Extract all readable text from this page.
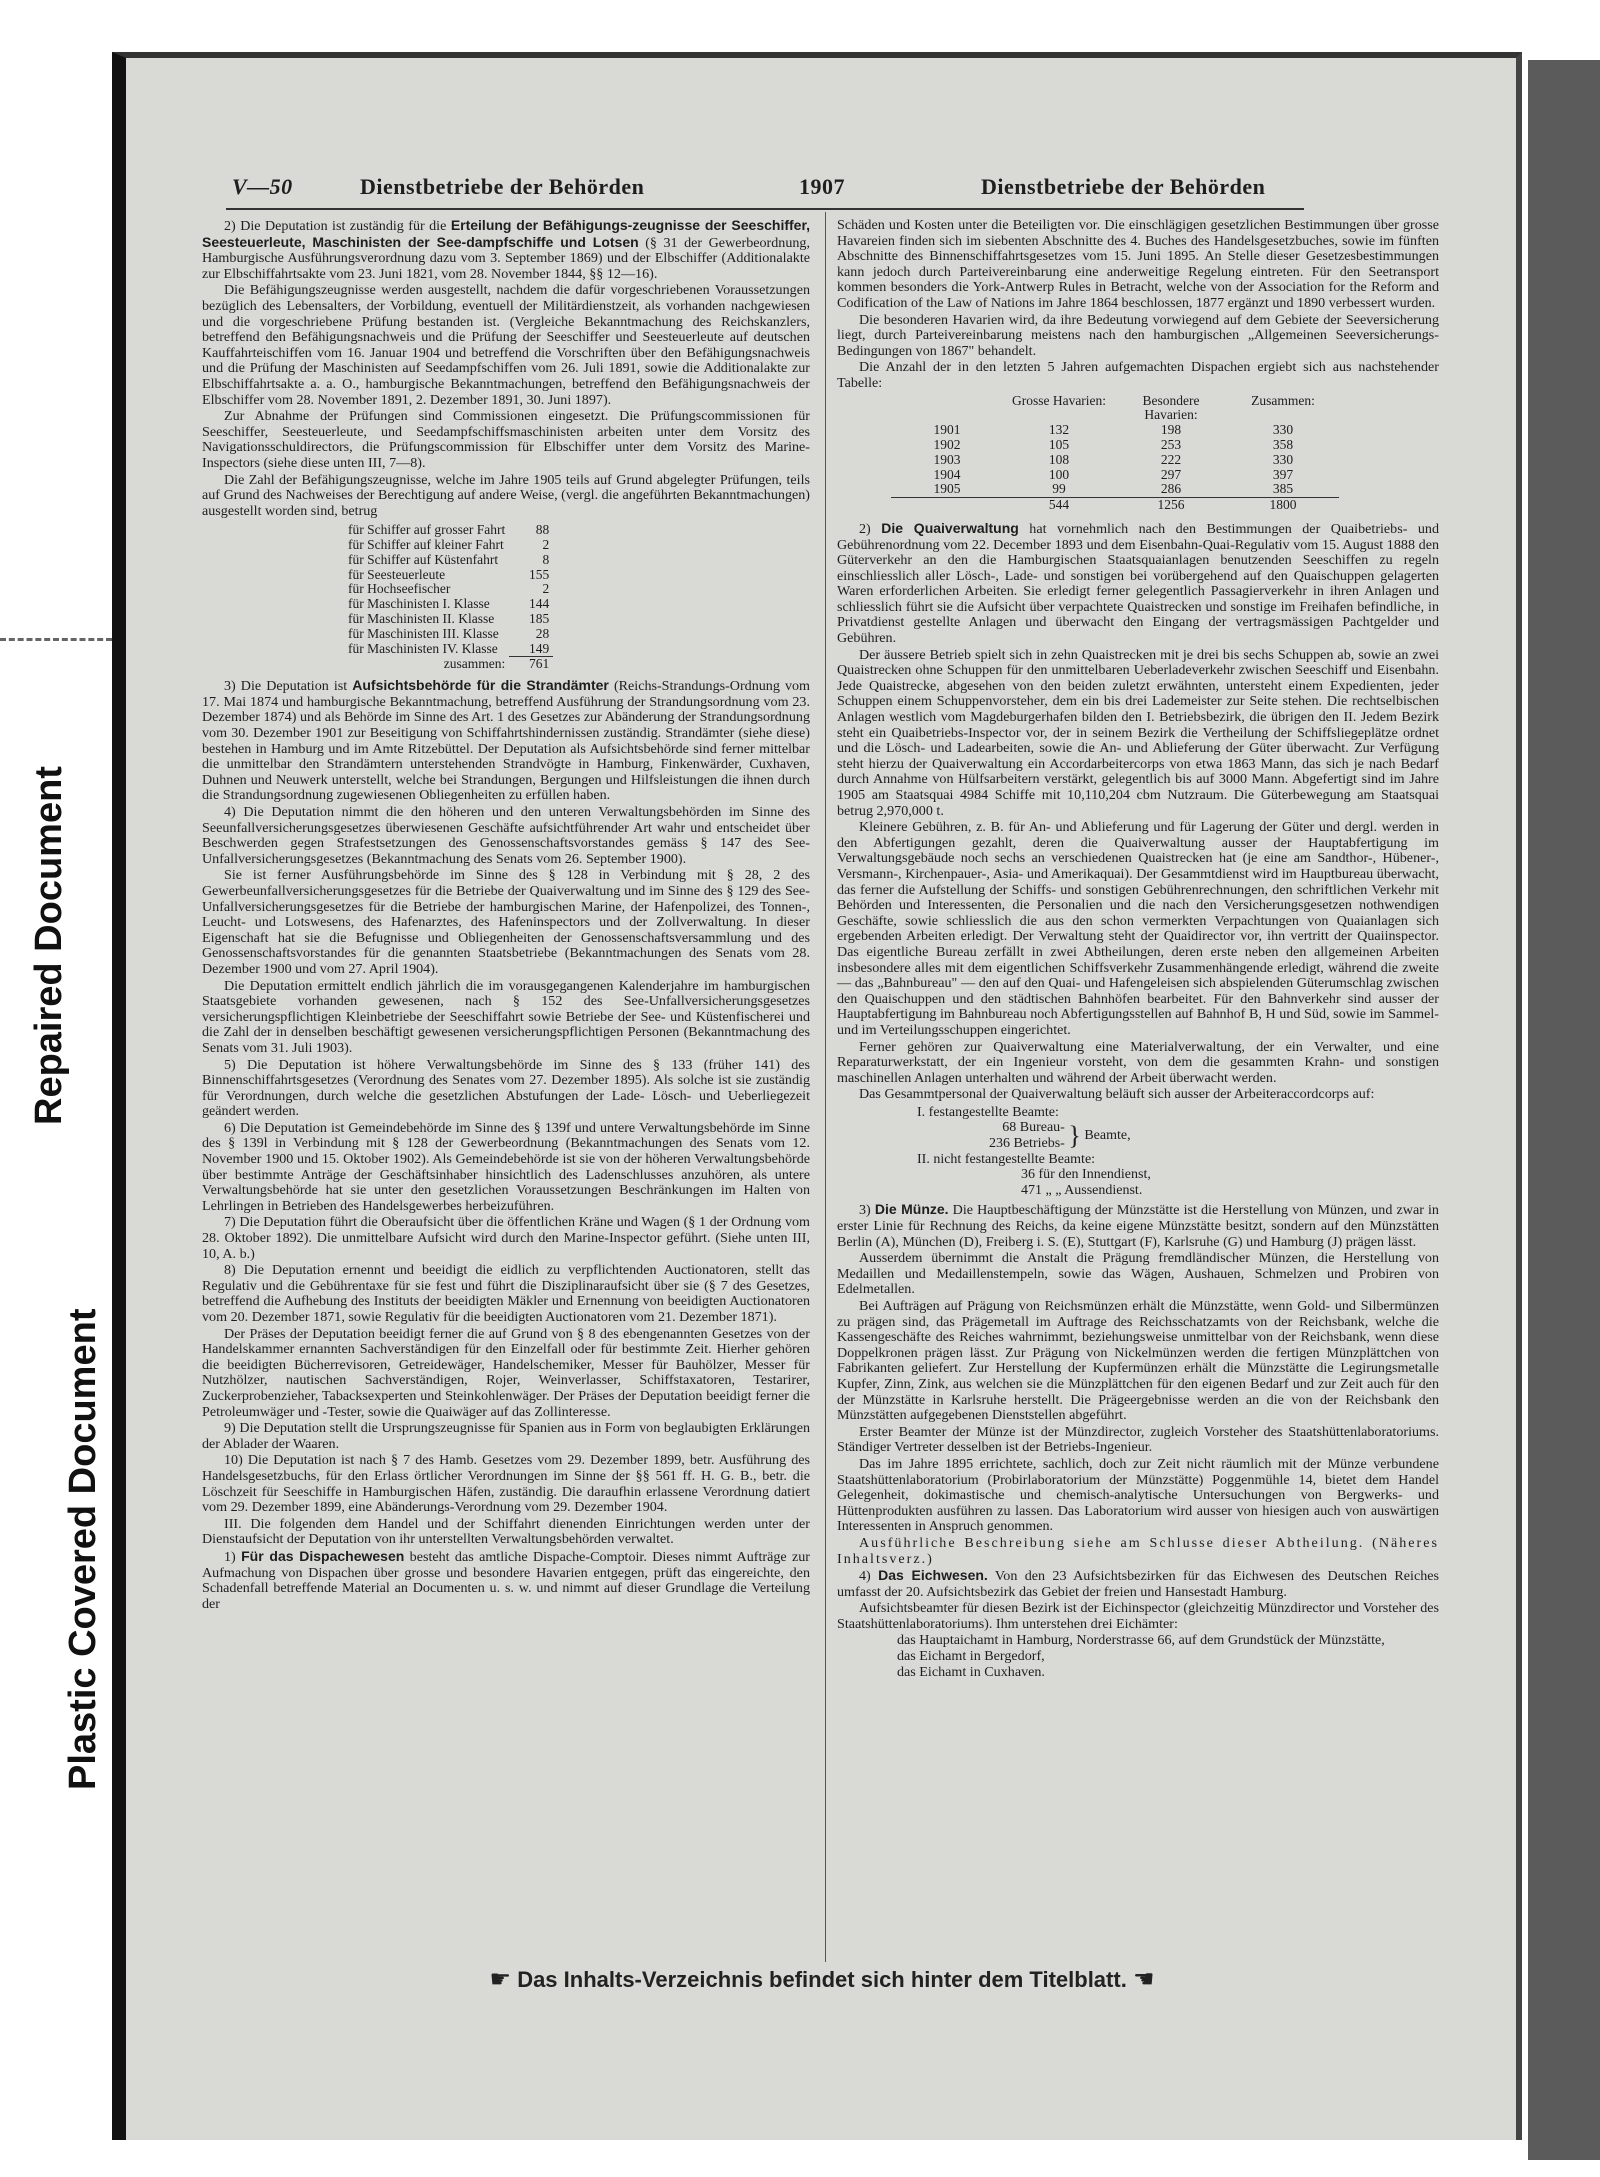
Repaired Document
Plastic Covered Document
V—50	Dienstbetriebe der Behörden	1907	Dienstbetriebe der Behörden

2) Die Deputation ist zuständig für die Erteilung der Befähigungs-zeugnisse der Seeschiffer, Seesteuerleute, Maschinisten der See-dampfschiffe und Lotsen (§ 31 der Gewerbeordnung, Hamburgische Ausführungsverordnung dazu vom 3. September 1869) und der Elbschiffer (Additionalakte zur Elbschiffahrtsakte vom 23. Juni 1821, vom 28. November 1844, §§ 12—16).

Die Befähigungszeugnisse werden ausgestellt, nachdem die dafür vorgeschriebenen Voraussetzungen bezüglich des Lebensalters, der Vorbildung, eventuell der Militärdienstzeit, als vorhanden nachgewiesen und die vorgeschriebene Prüfung bestanden ist. (Vergleiche Bekanntmachung des Reichskanzlers, betreffend den Befähigungsnachweis und die Prüfung der Seeschiffer und Seesteuerleute auf deutschen Kauffahrteischiffen vom 16. Januar 1904 und betreffend die Vorschriften über den Befähigungsnachweis und die Prüfung der Maschinisten auf Seedampfschiffen vom 26. Juli 1891, sowie die Additionalakte zur Elbschiffahrtsakte a. a. O., hamburgische Bekanntmachungen, betreffend den Befähigungsnachweis der Elbschiffer vom 28. November 1891, 2. Dezember 1891, 30. Juni 1897).

Zur Abnahme der Prüfungen sind Commissionen eingesetzt. Die Prüfungscommissionen für Seeschiffer, Seesteuerleute, und Seedampfschiffsmaschinisten arbeiten unter dem Vorsitz des Navigationsschuldirectors, die Prüfungscommission für Elbschiffer unter dem Vorsitz des Marine-Inspectors (siehe diese unten III, 7—8).

Die Zahl der Befähigungszeugnisse, welche im Jahre 1905 teils auf Grund abgelegter Prüfungen, teils auf Grund des Nachweises der Berechtigung auf andere Weise, (vergl. die angeführten Bekanntmachungen) ausgestellt worden sind, betrug

für Schiffer auf grosser Fahrt	88
für Schiffer auf kleiner Fahrt	2
für Schiffer auf Küstenfahrt	8
für Seesteuerleute	155
für Hochseefischer	2
für Maschinisten I. Klasse	144
für Maschinisten II. Klasse	185
für Maschinisten III. Klasse	28
für Maschinisten IV. Klasse	149
zusammen:	761

3) Die Deputation ist Aufsichtsbehörde für die Strandämter (Reichs-Strandungs-Ordnung vom 17. Mai 1874 und hamburgische Bekanntmachung, betreffend Ausführung der Strandungsordnung vom 23. Dezember 1874) und als Behörde im Sinne des Art. 1 des Gesetzes zur Abänderung der Strandungsordnung vom 30. Dezember 1901 zur Beseitigung von Schiffahrtshindernissen zuständig. Strandämter (siehe diese) bestehen in Hamburg und im Amte Ritzebüttel. Der Deputation als Aufsichtsbehörde sind ferner mittelbar die unmittelbar den Strandämtern unterstehenden Strandvögte in Hamburg, Finkenwärder, Cuxhaven, Duhnen und Neuwerk unterstellt, welche bei Strandungen, Bergungen und Hilfsleistungen die ihnen durch die Strandungsordnung zugewiesenen Obliegenheiten zu erfüllen haben.

4) Die Deputation nimmt die den höheren und den unteren Verwaltungsbehörden im Sinne des Seeunfallversicherungsgesetzes überwiesenen Geschäfte aufsichtführender Art wahr und entscheidet über Beschwerden gegen Strafestsetzungen des Genossenschaftsvorstandes gemäss § 147 des See-Unfallversicherungsgesetzes (Bekanntmachung des Senats vom 26. September 1900).

Sie ist ferner Ausführungsbehörde im Sinne des § 128 in Verbindung mit § 28, 2 des Gewerbeunfallversicherungsgesetzes für die Betriebe der Quaiverwaltung und im Sinne des § 129 des See-Unfallversicherungsgesetzes für die Betriebe der hamburgischen Marine, der Hafenpolizei, des Tonnen-, Leucht- und Lotswesens, des Hafenarztes, des Hafeninspectors und der Zollverwaltung. In dieser Eigenschaft hat sie die Befugnisse und Obliegenheiten der Genossenschaftsversammlung und des Genossenschaftsvorstandes für die genannten Staatsbetriebe (Bekanntmachungen des Senats vom 28. Dezember 1900 und vom 27. April 1904).

Die Deputation ermittelt endlich jährlich die im vorausgegangenen Kalenderjahre im hamburgischen Staatsgebiete vorhanden gewesenen, nach § 152 des See-Unfallversicherungsgesetzes versicherungspflichtigen Kleinbetriebe der Seeschiffahrt sowie Betriebe der See- und Küstenfischerei und die Zahl der in denselben beschäftigt gewesenen versicherungspflichtigen Personen (Bekanntmachung des Senats vom 31. Juli 1903).

5) Die Deputation ist höhere Verwaltungsbehörde im Sinne des § 133 (früher 141) des Binnenschiffahrtsgesetzes (Verordnung des Senates vom 27. Dezember 1895). Als solche ist sie zuständig für Verordnungen, durch welche die gesetzlichen Abstufungen der Lade- Lösch- und Ueberliegezeit geändert werden.

6) Die Deputation ist Gemeindebehörde im Sinne des § 139f und untere Verwaltungsbehörde im Sinne des § 139l in Verbindung mit § 128 der Gewerbeordnung (Bekanntmachungen des Senats vom 12. November 1900 und 15. Oktober 1902). Als Gemeindebehörde ist sie von der höheren Verwaltungsbehörde über bestimmte Anträge der Geschäftsinhaber hinsichtlich des Ladenschlusses anzuhören, als untere Verwaltungsbehörde hat sie unter den gesetzlichen Voraussetzungen Beschränkungen im Halten von Lehrlingen in Betrieben des Handelsgewerbes herbeizuführen.

7) Die Deputation führt die Oberaufsicht über die öffentlichen Kräne und Wagen (§ 1 der Ordnung vom 28. Oktober 1892). Die unmittelbare Aufsicht wird durch den Marine-Inspector geführt. (Siehe unten III, 10, A. b.)

8) Die Deputation ernennt und beeidigt die eidlich zu verpflichtenden Auctionatoren, stellt das Regulativ und die Gebührentaxe für sie fest und führt die Disziplinaraufsicht über sie (§ 7 des Gesetzes, betreffend die Aufhebung des Instituts der beeidigten Mäkler und Ernennung von beeidigten Auctionatoren vom 20. Dezember 1871, sowie Regulativ für die beeidigten Auctionatoren vom 21. Dezember 1871).

Der Präses der Deputation beeidigt ferner die auf Grund von § 8 des ebengenannten Gesetzes von der Handelskammer ernannten Sachverständigen für den Einzelfall oder für bestimmte Zeit. Hierher gehören die beeidigten Bücherrevisoren, Getreidewäger, Handelschemiker, Messer für Bauhölzer, Messer für Nutzhölzer, nautischen Sachverständigen, Rojer, Weinverlasser, Schiffstaxatoren, Testarirer, Zuckerprobenzieher, Tabacksexperten und Steinkohlenwäger. Der Präses der Deputation beeidigt ferner die Petroleumwäger und -Tester, sowie die Quaiwäger auf das Zollinteresse.

9) Die Deputation stellt die Ursprungszeugnisse für Spanien aus in Form von beglaubigten Erklärungen der Ablader der Waaren.

10) Die Deputation ist nach § 7 des Hamb. Gesetzes vom 29. Dezember 1899, betr. Ausführung des Handelsgesetzbuchs, für den Erlass örtlicher Verordnungen im Sinne der §§ 561 ff. H. G. B., betr. die Löschzeit für Seeschiffe in Hamburgischen Häfen, zuständig. Die daraufhin erlassene Verordnung datiert vom 29. Dezember 1899, eine Abänderungs-Verordnung vom 29. Dezember 1904.

III. Die folgenden dem Handel und der Schiffahrt dienenden Einrichtungen werden unter der Dienstaufsicht der Deputation von ihr unterstellten Verwaltungsbehörden verwaltet.

1) Für das Dispachewesen besteht das amtliche Dispache-Comptoir. Dieses nimmt Aufträge zur Aufmachung von Dispachen über grosse und besondere Havarien entgegen, prüft das eingereichte, den Schadenfall betreffende Material an Documenten u. s. w. und nimmt auf dieser Grundlage die Verteilung der

Schäden und Kosten unter die Beteiligten vor. Die einschlägigen gesetzlichen Bestimmungen über grosse Havareien finden sich im siebenten Abschnitte des 4. Buches des Handelsgesetzbuches, sowie im fünften Abschnitte des Binnenschiffahrtsgesetzes vom 15. Juni 1895. An Stelle dieser Gesetzesbestimmungen kann jedoch durch Parteivereinbarung eine anderweitige Regelung eintreten. Für den Seetransport kommen besonders die York-Antwerp Rules in Betracht, welche von der Association for the Reform and Codification of the Law of Nations im Jahre 1864 beschlossen, 1877 ergänzt und 1890 verbessert wurden.

Die besonderen Havarien wird, da ihre Bedeutung vorwiegend auf dem Gebiete der Seeversicherung liegt, durch Parteivereinbarung meistens nach den hamburgischen „Allgemeinen Seeversicherungs-Bedingungen von 1867" behandelt.

Die Anzahl der in den letzten 5 Jahren aufgemachten Dispachen ergiebt sich aus nachstehender Tabelle:

	Grosse Havarien:	Besondere Havarien:	Zusammen:
1901	132	198	330
1902	105	253	358
1903	108	222	330
1904	100	297	397
1905	99	286	385
	544	1256	1800

2) Die Quaiverwaltung hat vornehmlich nach den Bestimmungen der Quaibetriebs- und Gebührenordnung vom 22. December 1893 und dem Eisenbahn-Quai-Regulativ vom 15. August 1888 den Güterverkehr an den die Hamburgischen Staatsquaianlagen benutzenden Seeschiffen zu regeln einschliesslich aller Lösch-, Lade- und sonstigen bei vorübergehend auf den Quaischuppen gelagerten Waren erforderlichen Arbeiten. Sie erledigt ferner gelegentlich Passagierverkehr in ihren Anlagen und schliesslich führt sie die Aufsicht über verpachtete Quaistrecken und sonstige im Freihafen befindliche, in Privatdienst gestellte Anlagen und überwacht den Eingang der vertragsmässigen Pachtgelder und Gebühren.

Der äussere Betrieb spielt sich in zehn Quaistrecken mit je drei bis sechs Schuppen ab, sowie an zwei Quaistrecken ohne Schuppen für den unmittelbaren Ueberladeverkehr zwischen Seeschiff und Eisenbahn. Jede Quaistrecke, abgesehen von den beiden zuletzt erwähnten, untersteht einem Expedienten, jeder Schuppen einem Schuppenvorsteher, dem ein bis drei Lademeister zur Seite stehen. Die rechtselbischen Anlagen westlich vom Magdeburgerhafen bilden den I. Betriebsbezirk, die übrigen den II. Jedem Bezirk steht ein Quaibetriebs-Inspector vor, der in seinem Bezirk die Vertheilung der Schiffsliegeplätze ordnet und die Lösch- und Ladearbeiten, sowie die An- und Ablieferung der Güter überwacht. Zur Verfügung steht hierzu der Quaiverwaltung ein Accordarbeitercorps von etwa 1863 Mann, das sich je nach Bedarf durch Annahme von Hülfsarbeitern verstärkt, gelegentlich bis auf 3000 Mann. Abgefertigt sind im Jahre 1905 am Staatsquai 4984 Schiffe mit 10,110,204 cbm Nutzraum. Die Güterbewegung am Staatsquai betrug 2,970,000 t.

Kleinere Gebühren, z. B. für An- und Ablieferung und für Lagerung der Güter und dergl. werden in den Abfertigungen gezahlt, deren die Quaiverwaltung ausser der Hauptabfertigung im Verwaltungsgebäude noch sechs an verschiedenen Quaistrecken hat (je eine am Sandthor-, Hübener-, Versmann-, Kirchenpauer-, Asia- und Amerikaquai). Der Gesammtdienst wird im Hauptbureau überwacht, das ferner die Aufstellung der Schiffs- und sonstigen Gebührenrechnungen, den schriftlichen Verkehr mit Behörden und Interessenten, die Personalien und die nach den Versicherungsgesetzen nothwendigen Geschäfte, sowie schliesslich die aus den schon vermerkten Verpachtungen von Quaianlagen sich ergebenden Arbeiten erledigt. Der Verwaltung steht der Quaidirector vor, ihn vertritt der Quaiinspector. Das eigentliche Bureau zerfällt in zwei Abtheilungen, deren erste neben den allgemeinen Arbeiten insbesondere alles mit dem eigentlichen Schiffsverkehr Zusammenhängende erledigt, während die zweite — das „Bahnbureau" — den auf den Quai- und Hafengeleisen sich abspielenden Güterumschlag zwischen den Quaischuppen und den städtischen Bahnhöfen bearbeitet. Für den Bahnverkehr sind ausser der Hauptabfertigung im Bahnbureau noch Abfertigungsstellen auf Bahnhof B, H und Süd, sowie im Sammel- und im Verteilungsschuppen eingerichtet.

Ferner gehören zur Quaiverwaltung eine Materialverwaltung, der ein Verwalter, und eine Reparaturwerkstatt, der ein Ingenieur vorsteht, von dem die gesammten Krahn- und sonstigen maschinellen Anlagen unterhalten und während der Arbeit überwacht werden.

Das Gesammtpersonal der Quaiverwaltung beläuft sich ausser der Arbeiteraccordcorps auf:

I. festangestellte Beamte:
68 Bureau-
236 Betriebs- } Beamte,
II. nicht festangestellte Beamte:
36 für den Innendienst,
471 „ „ Aussendienst.

3) Die Münze. Die Hauptbeschäftigung der Münzstätte ist die Herstellung von Münzen, und zwar in erster Linie für Rechnung des Reichs, da keine eigene Münzstätte besitzt, sondern auf den Münzstätten Berlin (A), München (D), Freiberg i. S. (E), Stuttgart (F), Karlsruhe (G) und Hamburg (J) prägen lässt.

Ausserdem übernimmt die Anstalt die Prägung fremdländischer Münzen, die Herstellung von Medaillen und Medaillenstempeln, sowie das Wägen, Aushauen, Schmelzen und Probiren von Edelmetallen.

Bei Aufträgen auf Prägung von Reichsmünzen erhält die Münzstätte, wenn Gold- und Silbermünzen zu prägen sind, das Prägemetall im Auftrage des Reichsschatzamts von der Reichsbank, welche die Kassengeschäfte des Reiches wahrnimmt, beziehungsweise unmittelbar von der Reichsbank, wenn diese Doppelkronen prägen lässt. Zur Prägung von Nickelmünzen werden die fertigen Münzplättchen von Fabrikanten geliefert. Zur Herstellung der Kupfermünzen erhält die Münzstätte die Legirungsmetalle Kupfer, Zinn, Zink, aus welchen sie die Münzplättchen für den eigenen Bedarf und zur Zeit auch für den der Münzstätte in Karlsruhe herstellt. Die Prägeergebnisse werden an die von der Reichsbank den Münzstätten aufgegebenen Dienststellen abgeführt.

Erster Beamter der Münze ist der Münzdirector, zugleich Vorsteher des Staatshüttenlaboratoriums. Ständiger Vertreter desselben ist der Betriebs-Ingenieur.

Das im Jahre 1895 errichtete, sachlich, doch zur Zeit nicht räumlich mit der Münze verbundene Staatshüttenlaboratorium (Probirlaboratorium der Münzstätte) Poggenmühle 14, bietet dem Handel Gelegenheit, dokimastische und chemisch-analytische Untersuchungen von Bergwerks- und Hüttenprodukten ausführen zu lassen. Das Laboratorium wird ausser von hiesigen auch von auswärtigen Interessenten in Anspruch genommen.

Ausführliche Beschreibung siehe am Schlusse dieser Abtheilung. (Näheres Inhaltsverz.)

4) Das Eichwesen. Von den 23 Aufsichtsbezirken für das Eichwesen des Deutschen Reiches umfasst der 20. Aufsichtsbezirk das Gebiet der freien und Hansestadt Hamburg.

Aufsichtsbeamter für diesen Bezirk ist der Eichinspector (gleichzeitig Münzdirector und Vorsteher des Staatshüttenlaboratoriums). Ihm unterstehen drei Eichämter:

das Hauptaichamt in Hamburg, Norderstrasse 66, auf dem Grundstück der Münzstätte,
das Eichamt in Bergedorf,
das Eichamt in Cuxhaven.
☛ Das Inhalts-Verzeichnis befindet sich hinter dem Titelblatt. ☚
